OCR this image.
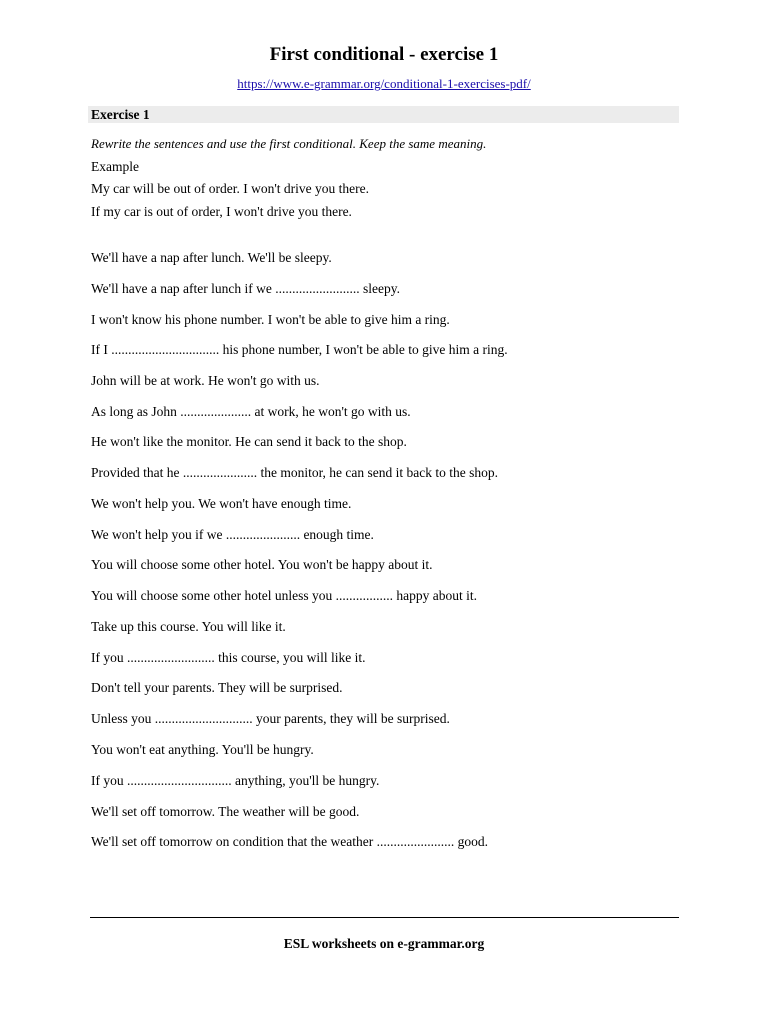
First conditional - exercise 1
https://www.e-grammar.org/conditional-1-exercises-pdf/
Exercise 1
Rewrite the sentences and use the first conditional. Keep the same meaning.
Example
My car will be out of order. I won't drive you there.
If my car is out of order, I won't drive you there.
We'll have a nap after lunch. We'll be sleepy.
We'll have a nap after lunch if we ......................... sleepy.
I won't know his phone number. I won't be able to give him a ring.
If I ................................ his phone number, I won't be able to give him a ring.
John will be at work. He won't go with us.
As long as John ..................... at work, he won't go with us.
He won't like the monitor. He can send it back to the shop.
Provided that he ...................... the monitor, he can send it back to the shop.
We won't help you. We won't have enough time.
We won't help you if we ...................... enough time.
You will choose some other hotel. You won't be happy about it.
You will choose some other hotel unless you ................. happy about it.
Take up this course. You will like it.
If you .......................... this course, you will like it.
Don't tell your parents. They will be surprised.
Unless you ............................. your parents, they will be surprised.
You won't eat anything. You'll be hungry.
If you ............................... anything, you'll be hungry.
We'll set off tomorrow. The weather will be good.
We'll set off tomorrow on condition that the weather ....................... good.
ESL worksheets on e-grammar.org
